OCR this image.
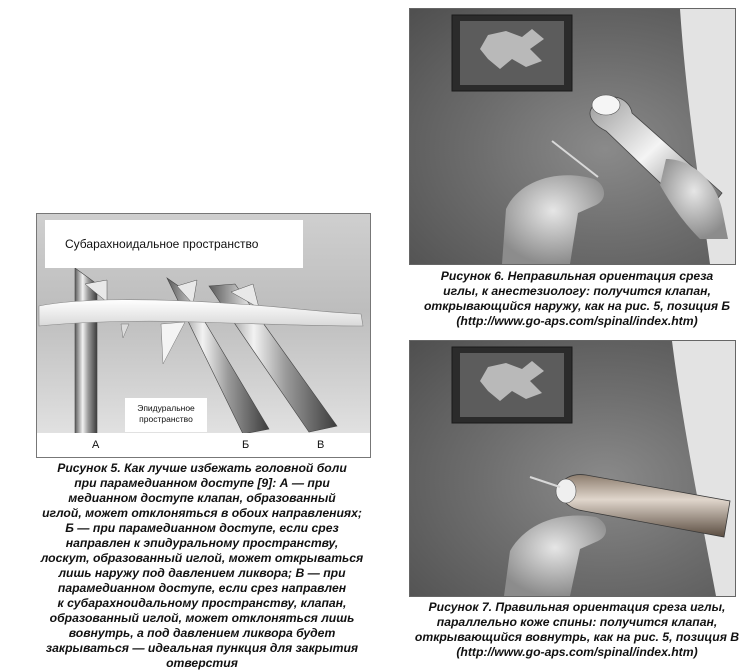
Субарахноидальное пространство
Эпидуральное
пространство
А	Б	В
Рисунок 5. Как лучше избежать головной боли
при парамедианном доступе [9]: А — при
медианном доступе клапан, образованный
иглой, может отклоняться в обоих направлениях;
Б — при парамедианном доступе, если срез
направлен к эпидуральному пространству,
лоскут, образованный иглой, может открываться
лишь наружу под давлением ликвора; В — при
парамедианном доступе, если срез направлен
к субарахноидальному пространству, клапан,
образованный иглой, может отклоняться лишь
вовнутрь, а под давлением ликвора будет
закрываться — идеальная пункция для закрытия
отверстия
Рисунок 6. Неправильная ориентация среза
иглы, к анестезиологу: получится клапан,
открывающийся наружу, как на рис. 5, позиция Б
(http://www.go-aps.com/spinal/index.htm)
Рисунок 7. Правильная ориентация среза иглы,
параллельно коже спины: получится клапан,
открывающийся вовнутрь, как на рис. 5, позиция В
(http://www.go-aps.com/spinal/index.htm)
